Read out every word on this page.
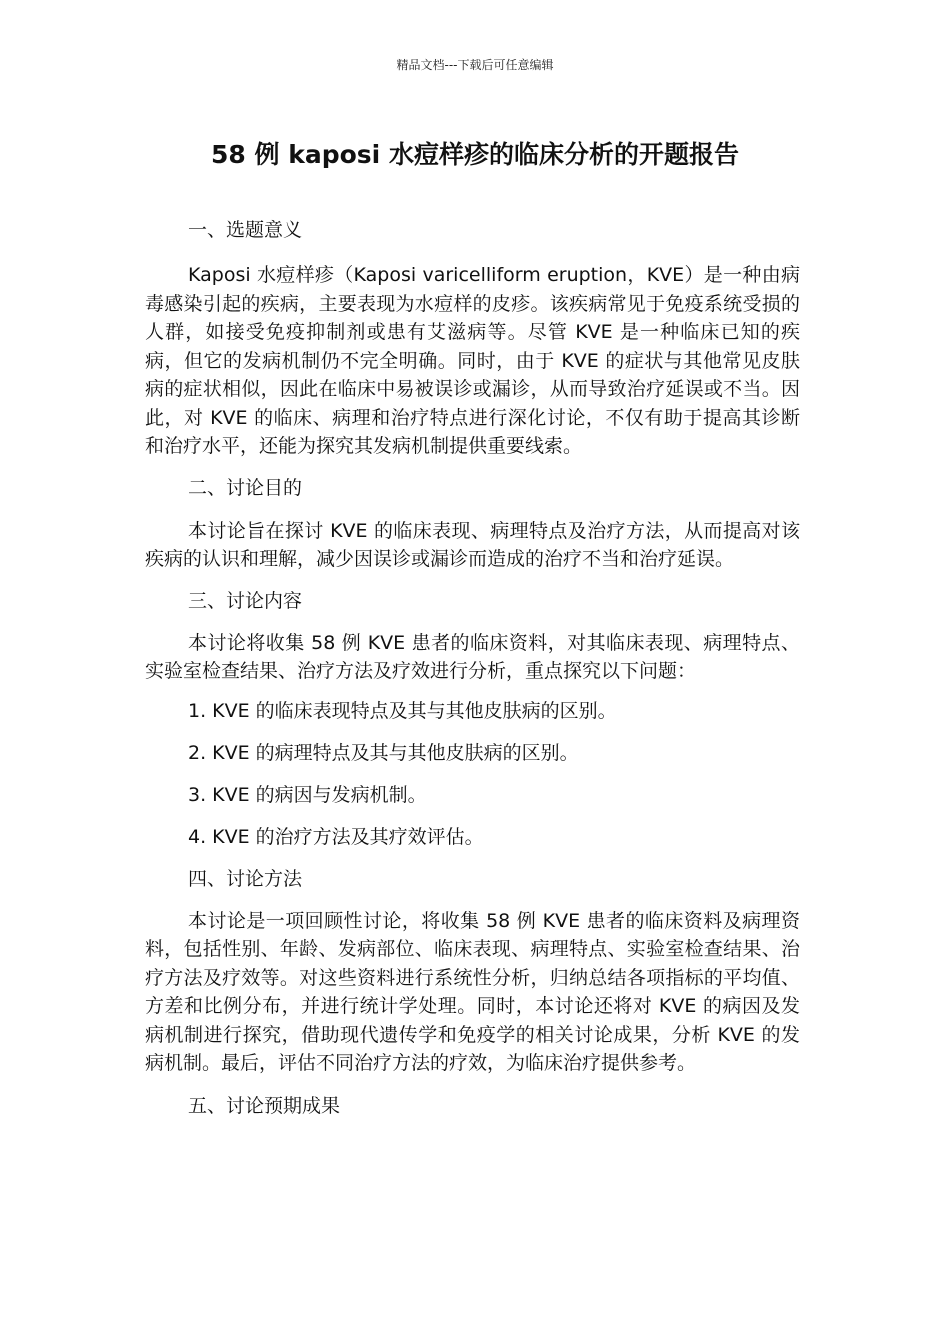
精品文档---下载后可任意编辑
58 例 kaposi 水痘样疹的临床分析的开题报告

一、选题意义

Kaposi 水痘样疹（Kaposi varicelliform eruption，KVE）是一种由病毒感染引起的疾病，主要表现为水痘样的皮疹。该疾病常见于免疫系统受损的人群，如接受免疫抑制剂或患有艾滋病等。尽管 KVE 是一种临床已知的疾病，但它的发病机制仍不完全明确。同时，由于 KVE 的症状与其他常见皮肤病的症状相似，因此在临床中易被误诊或漏诊，从而导致治疗延误或不当。因此，对 KVE 的临床、病理和治疗特点进行深化讨论，不仅有助于提高其诊断和治疗水平，还能为探究其发病机制提供重要线索。

二、讨论目的

本讨论旨在探讨 KVE 的临床表现、病理特点及治疗方法，从而提高对该疾病的认识和理解，减少因误诊或漏诊而造成的治疗不当和治疗延误。

三、讨论内容

本讨论将收集 58 例 KVE 患者的临床资料，对其临床表现、病理特点、实验室检查结果、治疗方法及疗效进行分析，重点探究以下问题：

1. KVE 的临床表现特点及其与其他皮肤病的区别。

2. KVE 的病理特点及其与其他皮肤病的区别。

3. KVE 的病因与发病机制。

4. KVE 的治疗方法及其疗效评估。

四、讨论方法

本讨论是一项回顾性讨论，将收集 58 例 KVE 患者的临床资料及病理资料，包括性别、年龄、发病部位、临床表现、病理特点、实验室检查结果、治疗方法及疗效等。对这些资料进行系统性分析，归纳总结各项指标的平均值、方差和比例分布，并进行统计学处理。同时，本讨论还将对 KVE 的病因及发病机制进行探究，借助现代遗传学和免疫学的相关讨论成果，分析 KVE 的发病机制。最后，评估不同治疗方法的疗效，为临床治疗提供参考。

五、讨论预期成果
